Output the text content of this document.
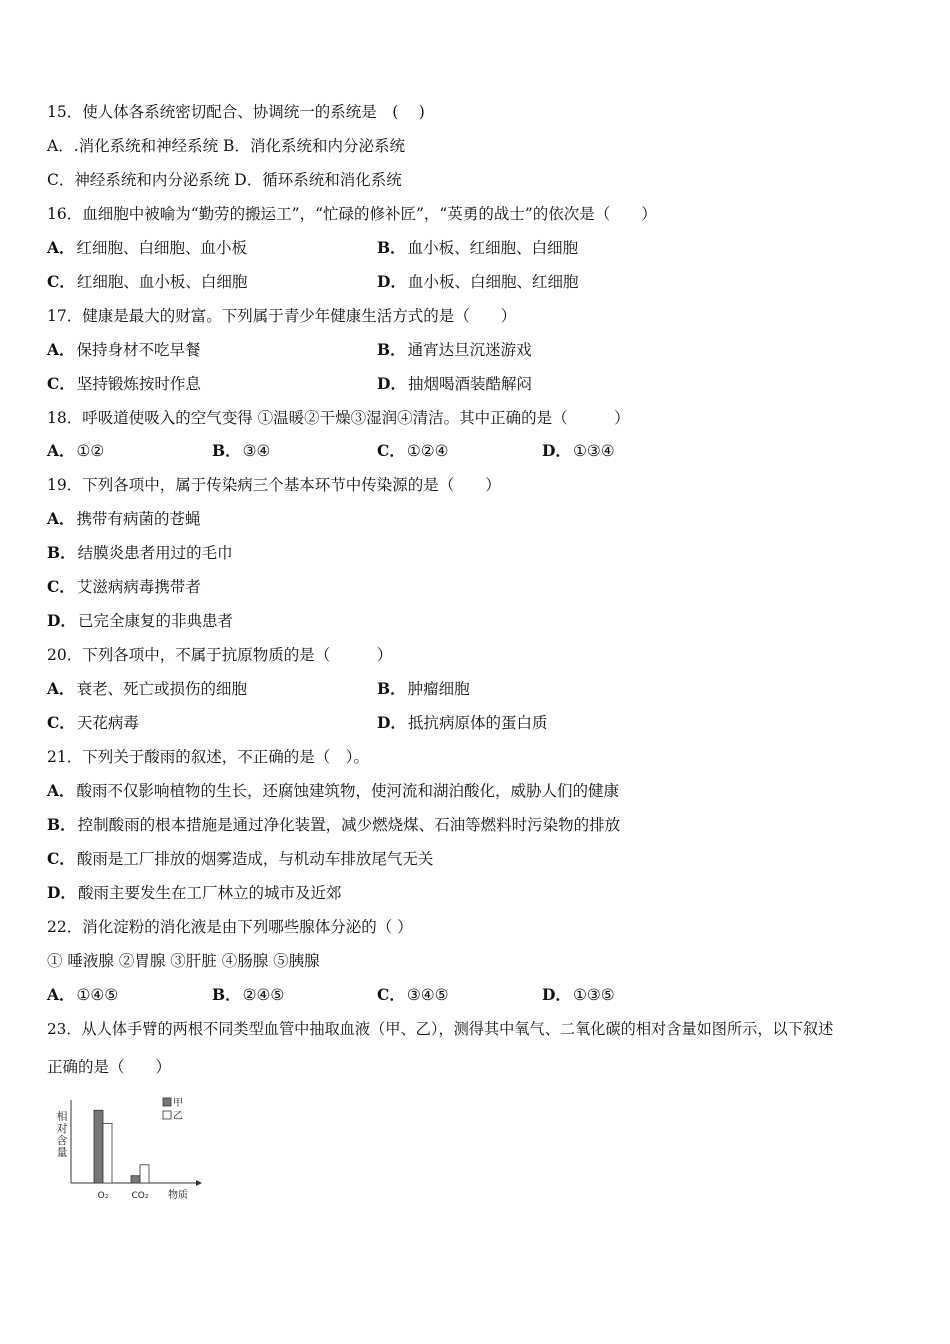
15．使人体各系统密切配合、协调统一的系统是　(　 )
A．.消化系统和神经系统 B．消化系统和内分泌系统
C．神经系统和内分泌系统 D．循环系统和消化系统
16．血细胞中被喻为“勤劳的搬运工”，“忙碌的修补匠”，“英勇的战士”的依次是（　　）
A． 红细胞、白细胞、血小板	B． 血小板、红细胞、白细胞
C． 红细胞、血小板、白细胞	D． 血小板、白细胞、红细胞
17．健康是最大的财富。下列属于青少年健康生活方式的是（　　）
A． 保持身材不吃早餐	B． 通宵达旦沉迷游戏
C． 坚持锻炼按时作息	D． 抽烟喝酒装酷解闷
18．呼吸道使吸入的空气变得 ①温暖②干燥③湿润④清洁。其中正确的是（　　　）
A． ①②	B． ③④	C． ①②④	D． ①③④
19．下列各项中，属于传染病三个基本环节中传染源的是（　　）
A． 携带有病菌的苍蝇
B． 结膜炎患者用过的毛巾
C． 艾滋病病毒携带者
D． 已完全康复的非典患者
20．下列各项中，不属于抗原物质的是（　　　）
A． 衰老、死亡或损伤的细胞	B． 肿瘤细胞
C． 天花病毒	D． 抵抗病原体的蛋白质
21．下列关于酸雨的叙述，不正确的是（　）。
A． 酸雨不仅影响植物的生长，还腐蚀建筑物，使河流和湖泊酸化，威胁人们的健康
B． 控制酸雨的根本措施是通过净化装置，减少燃烧煤、石油等燃料时污染物的排放
C． 酸雨是工厂排放的烟雾造成，与机动车排放尾气无关
D． 酸雨主要发生在工厂林立的城市及近郊
22．消化淀粉的消化液是由下列哪些腺体分泌的（ ）
① 唾液腺 ②胃腺 ③肝脏 ④肠腺 ⑤胰腺
A． ①④⑤	B． ②④⑤	C． ③④⑤	D． ①③⑤
23．从人体手臂的两根不同类型血管中抽取血液（甲、乙），测得其中氧气、二氧化碳的相对含量如图所示，以下叙述
正确的是（　　）
相对含量
物质
甲
乙
O₂	CO₂
